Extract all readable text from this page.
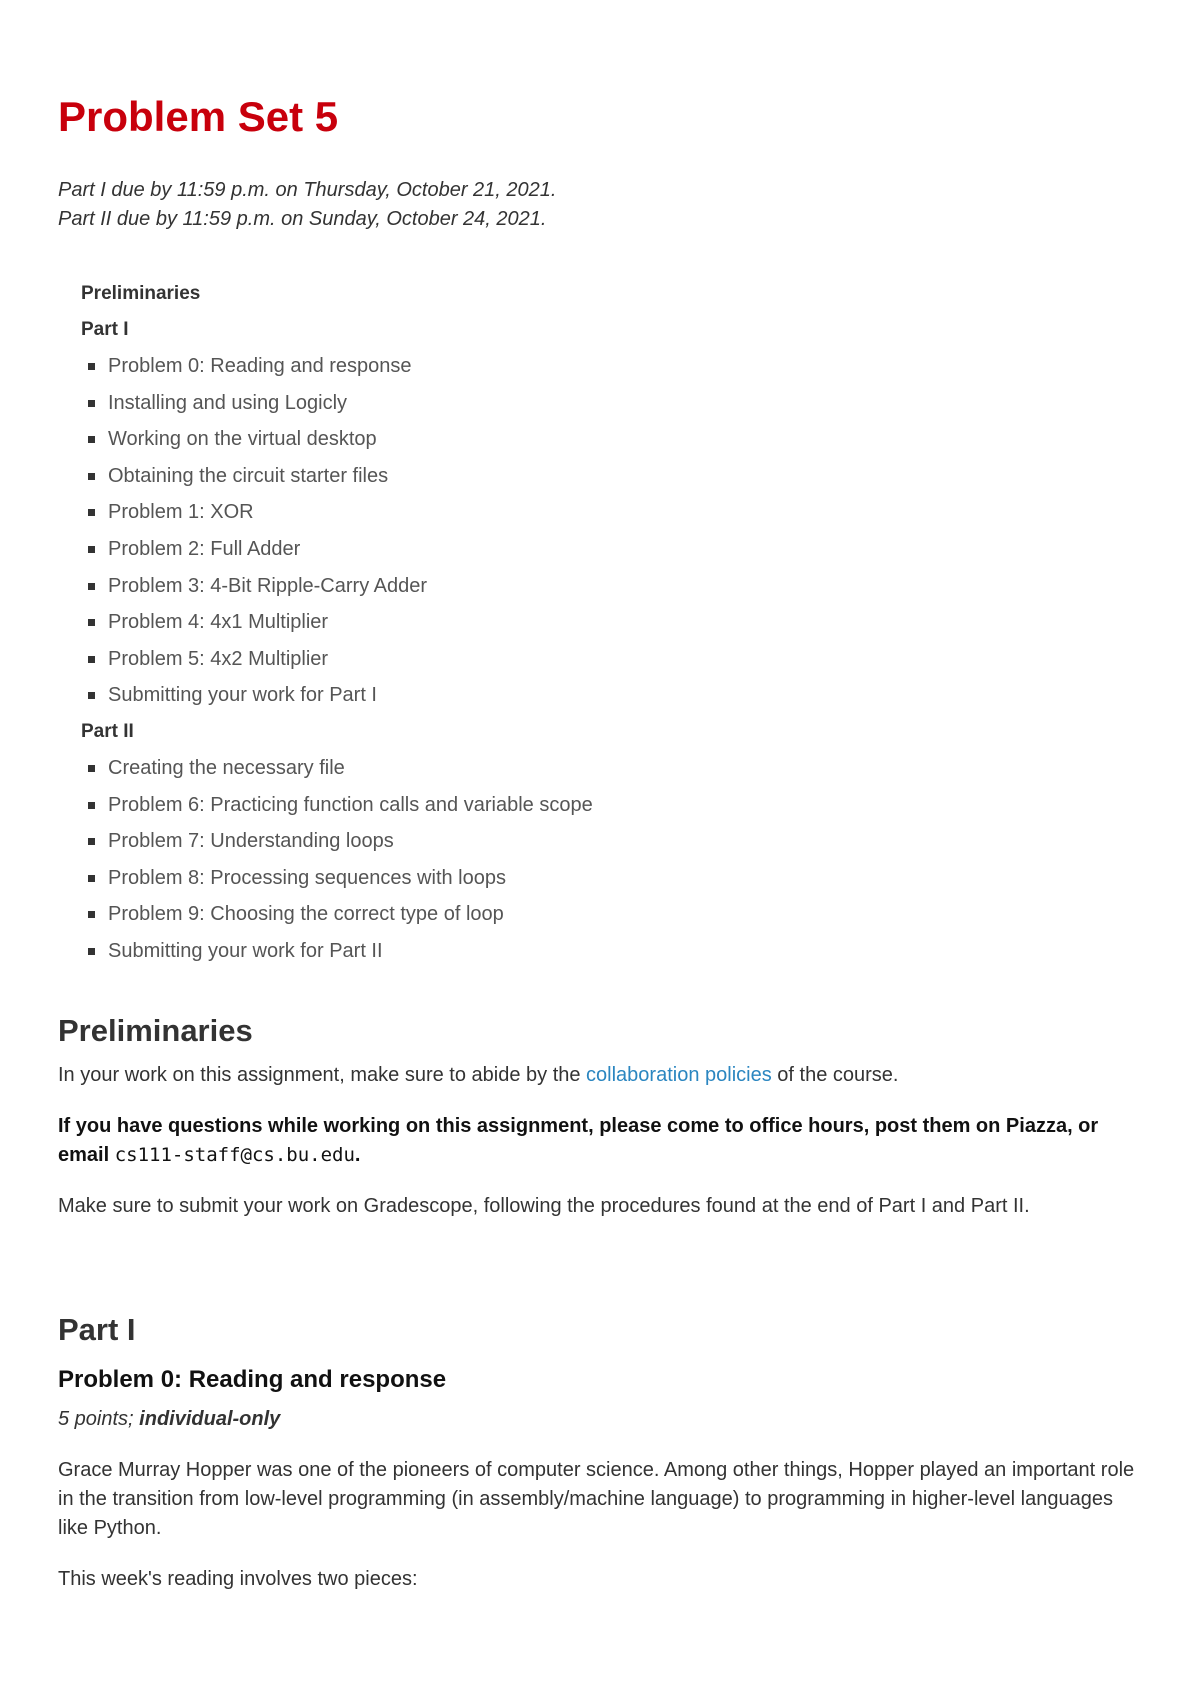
Problem Set 5
Part I due by 11:59 p.m. on Thursday, October 21, 2021.
Part II due by 11:59 p.m. on Sunday, October 24, 2021.
Preliminaries
Part I
Problem 0: Reading and response
Installing and using Logicly
Working on the virtual desktop
Obtaining the circuit starter files
Problem 1: XOR
Problem 2: Full Adder
Problem 3: 4-Bit Ripple-Carry Adder
Problem 4: 4x1 Multiplier
Problem 5: 4x2 Multiplier
Submitting your work for Part I
Part II
Creating the necessary file
Problem 6: Practicing function calls and variable scope
Problem 7: Understanding loops
Problem 8: Processing sequences with loops
Problem 9: Choosing the correct type of loop
Submitting your work for Part II
Preliminaries

In your work on this assignment, make sure to abide by the collaboration policies of the course.

If you have questions while working on this assignment, please come to office hours, post them on Piazza, or email cs111-staff@cs.bu.edu.

Make sure to submit your work on Gradescope, following the procedures found at the end of Part I and Part II.

Part I
Problem 0: Reading and response
5 points; individual-only

Grace Murray Hopper was one of the pioneers of computer science. Among other things, Hopper played an important role in the transition from low-level programming (in assembly/machine language) to programming in higher-level languages like Python.

This week's reading involves two pieces:
